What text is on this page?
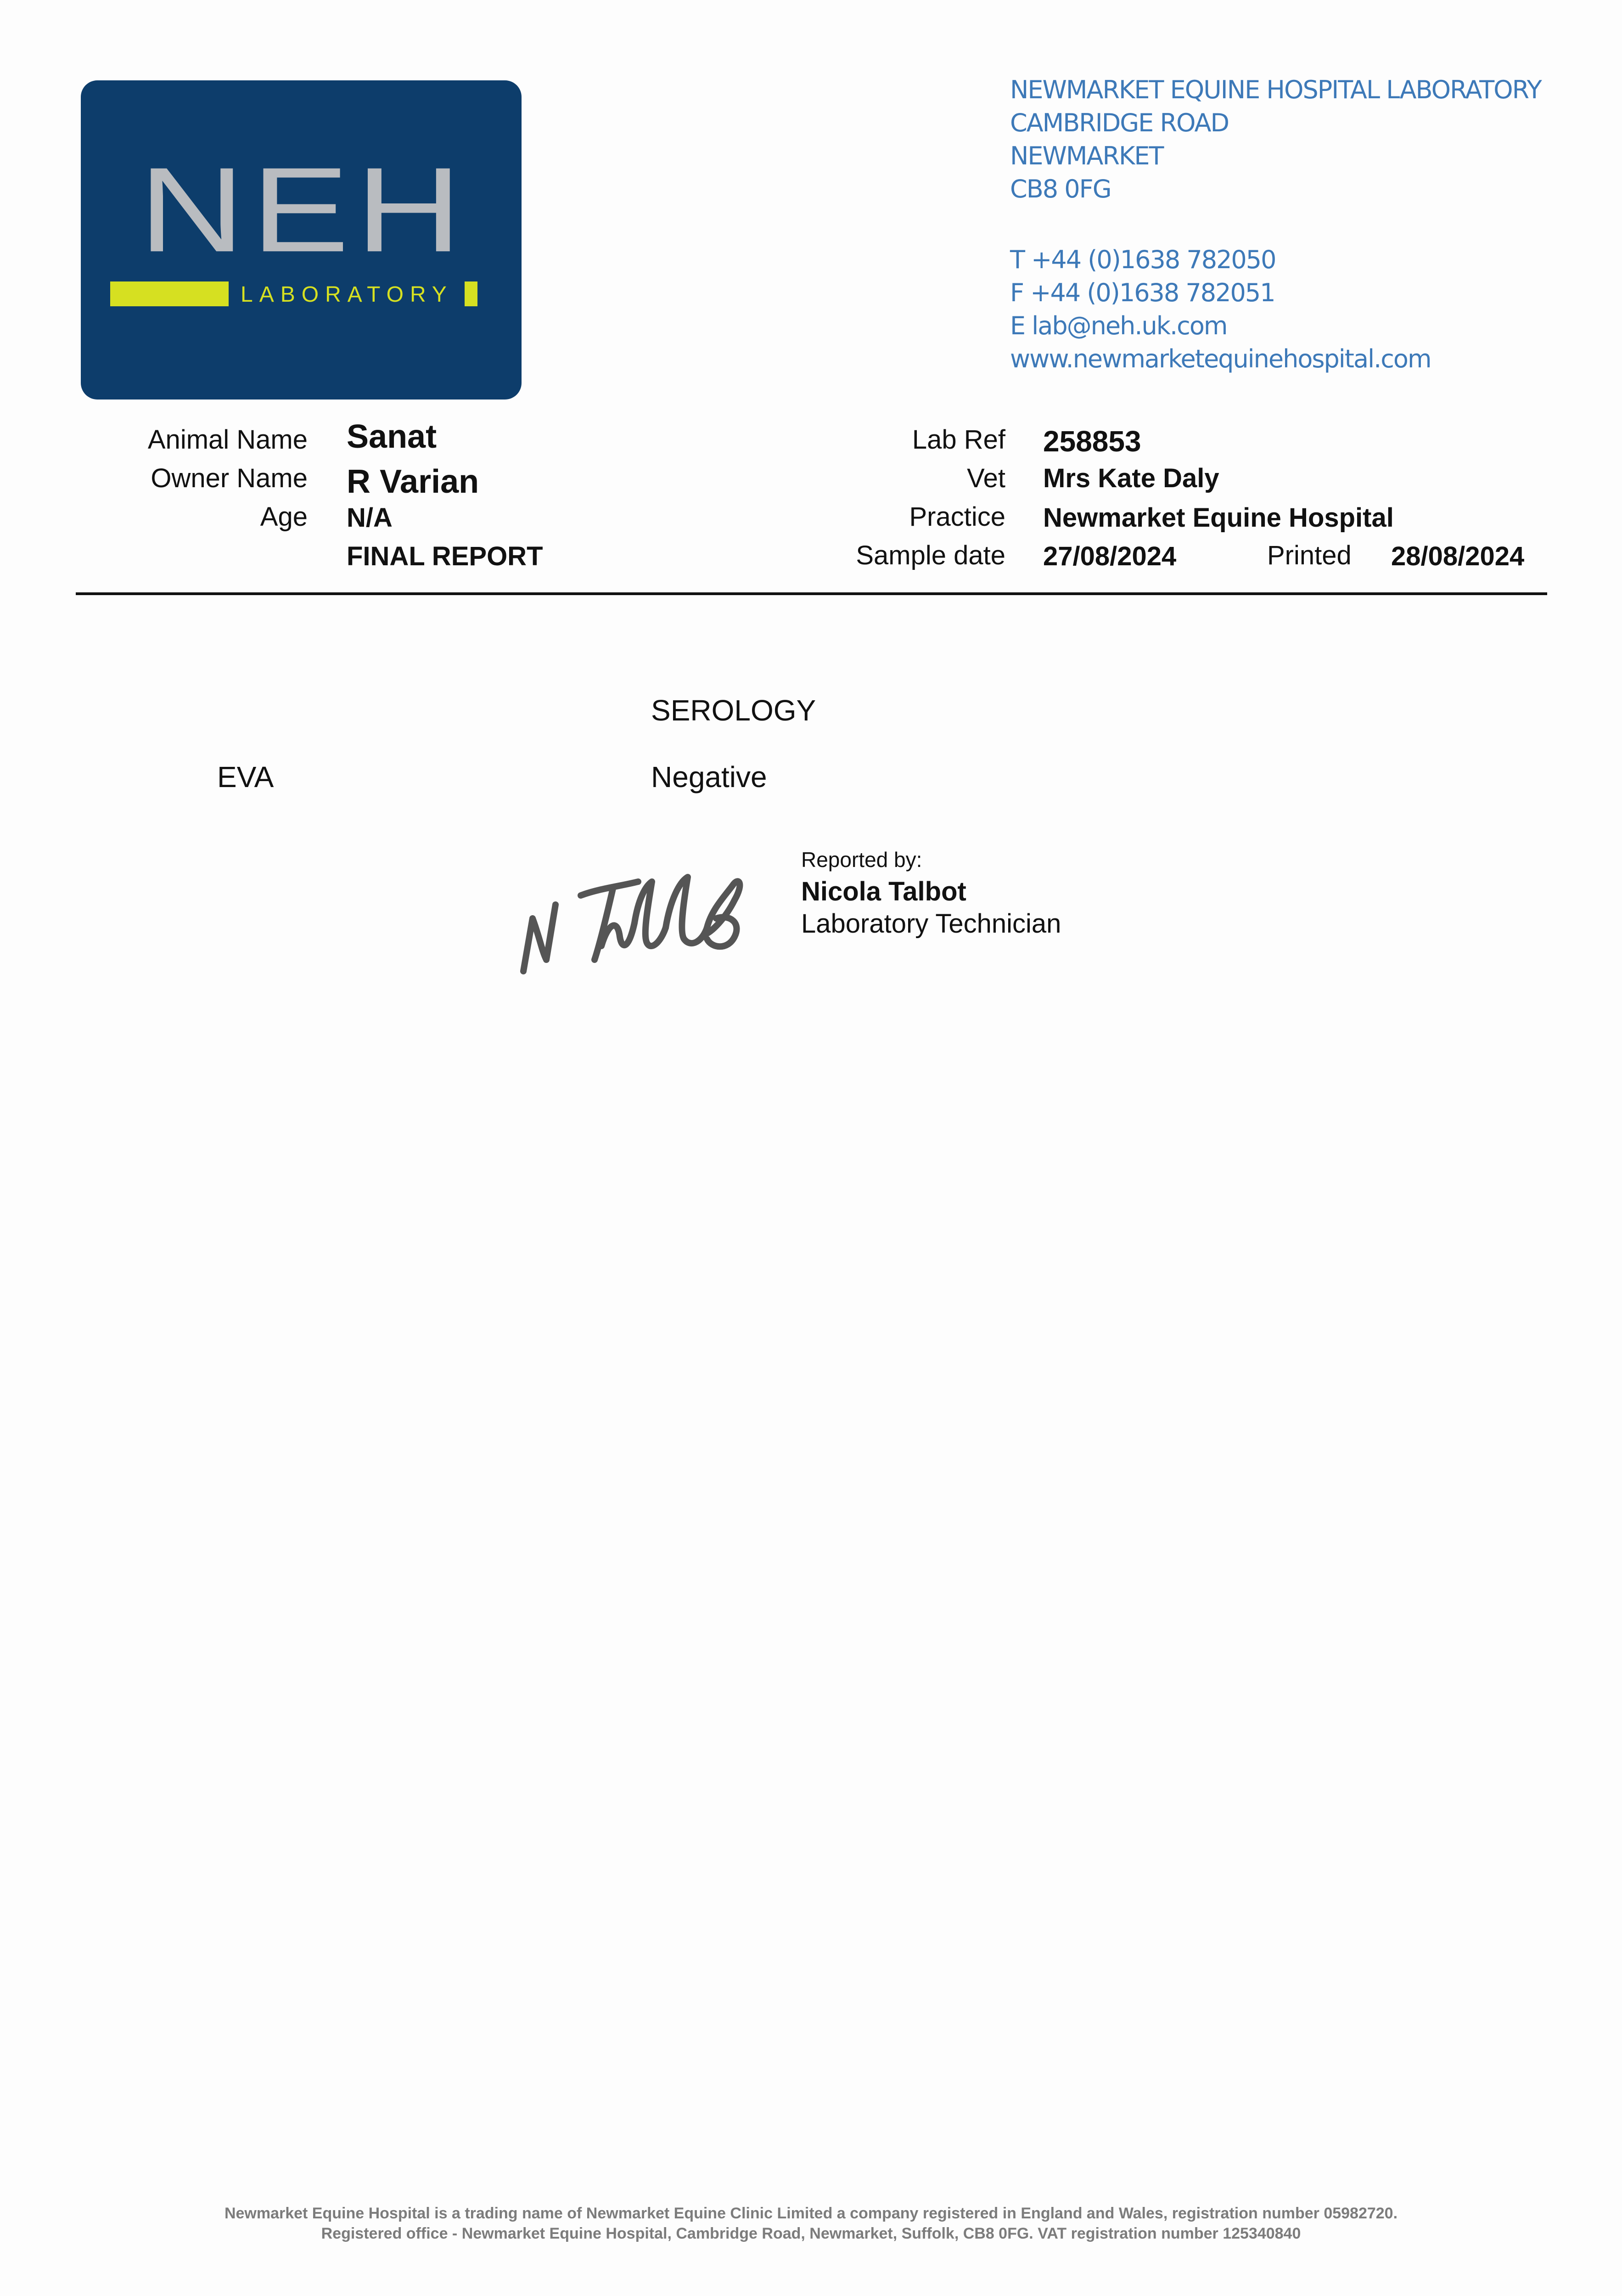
NEH
LABORATORY
NEWMARKET EQUINE HOSPITAL LABORATORY
CAMBRIDGE ROAD
NEWMARKET
CB8 0FG
T +44 (0)1638 782050
F +44 (0)1638 782051
E lab@neh.uk.com
www.newmarketequinehospital.com
Animal Name Sanat
Owner Name R Varian
Age N/A
FINAL REPORT
Lab Ref 258853
Vet Mrs Kate Daly
Practice Newmarket Equine Hospital
Sample date 27/08/2024	Printed 28/08/2024
SEROLOGY
EVA	Negative
Reported by:
Nicola Talbot
Laboratory Technician
Newmarket Equine Hospital is a trading name of Newmarket Equine Clinic Limited a company registered in England and Wales, registration number 05982720.
Registered office - Newmarket Equine Hospital, Cambridge Road, Newmarket, Suffolk, CB8 0FG. VAT registration number 125340840
